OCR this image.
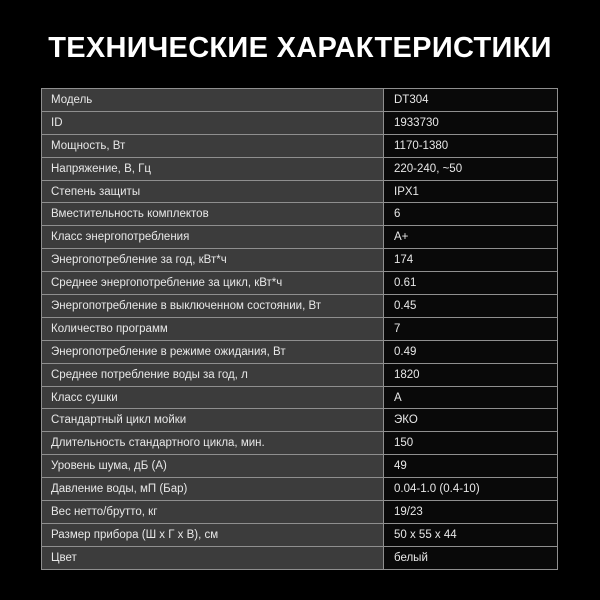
ТЕХНИЧЕСКИЕ ХАРАКТЕРИСТИКИ
Модель	DT304
ID	1933730
Мощность, Вт	1170-1380
Напряжение, В, Гц	220-240, ~50
Степень защиты	IPX1
Вместительность комплектов	6
Класс энергопотребления	A+
Энергопотребление за год, кВт*ч	174
Среднее энергопотребление за цикл, кВт*ч	0.61
Энергопотребление в выключенном состоянии, Вт	0.45
Количество программ	7
Энергопотребление в режиме ожидания, Вт	0.49
Среднее потребление воды за год, л	1820
Класс сушки	A
Стандартный цикл мойки	ЭКО
Длительность стандартного цикла, мин.	150
Уровень шума, дБ (А)	49
Давление воды, мП (Бар)	0.04-1.0 (0.4-10)
Вес нетто/брутто, кг	19/23
Размер прибора (Ш х Г х В), см	50 x 55 x 44
Цвет	белый
